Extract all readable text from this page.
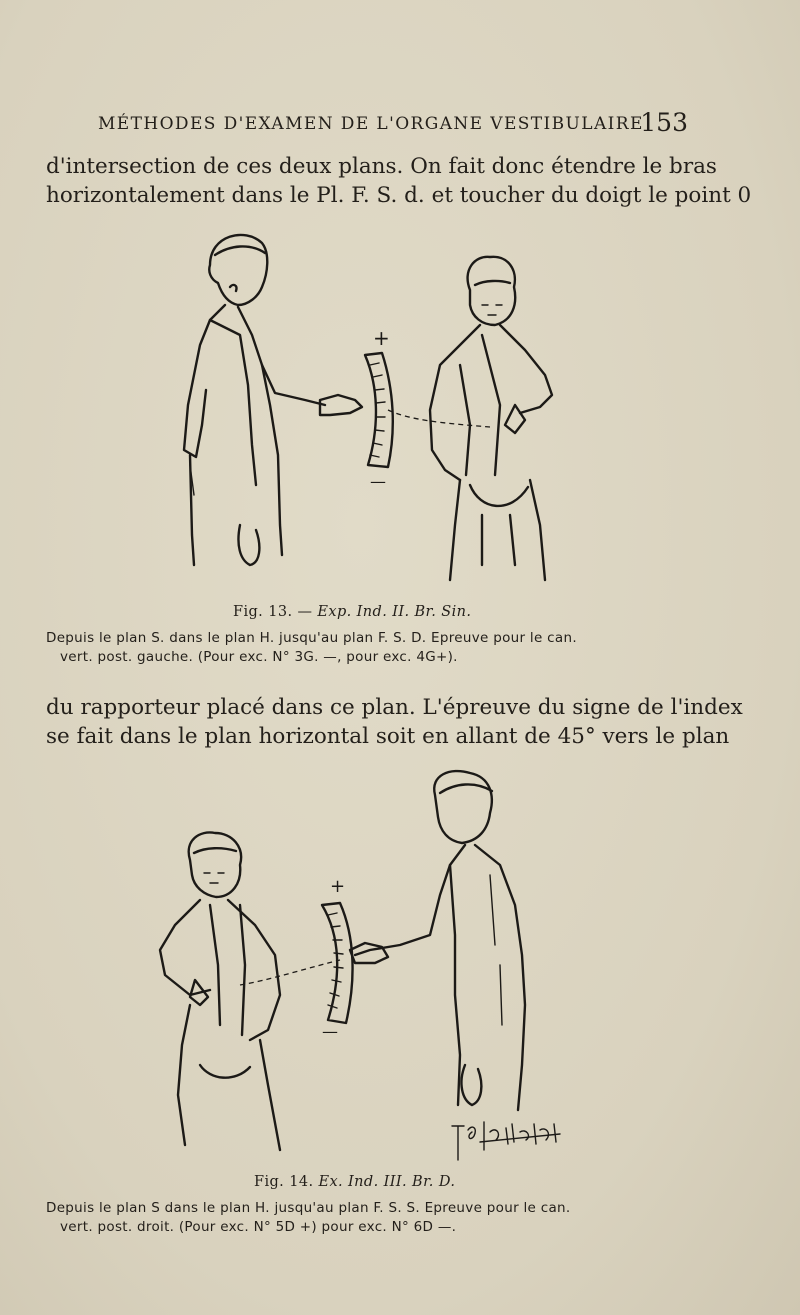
MÉTHODES D'EXAMEN DE L'ORGANE VESTIBULAIRE
153
d'intersection de ces deux plans. On fait donc étendre le bras
horizontalement dans le Pl. F. S. d. et toucher du doigt le point 0
+
—
Fig. 13. — Exp. Ind. II. Br. Sin.
Depuis le plan S. dans le plan H. jusqu'au plan F. S. D. Epreuve pour le can.
vert. post. gauche. (Pour exc. N° 3G. —, pour exc. 4G+).
du rapporteur placé dans ce plan. L'épreuve du signe de l'index
se fait dans le plan horizontal soit en allant de 45° vers le plan
+
—
Fig. 14. Ex. Ind. III. Br. D.
Depuis le plan S dans le plan H. jusqu'au plan F. S. S. Epreuve pour le can.
vert. post. droit. (Pour exc. N° 5D +) pour exc. N° 6D —.
